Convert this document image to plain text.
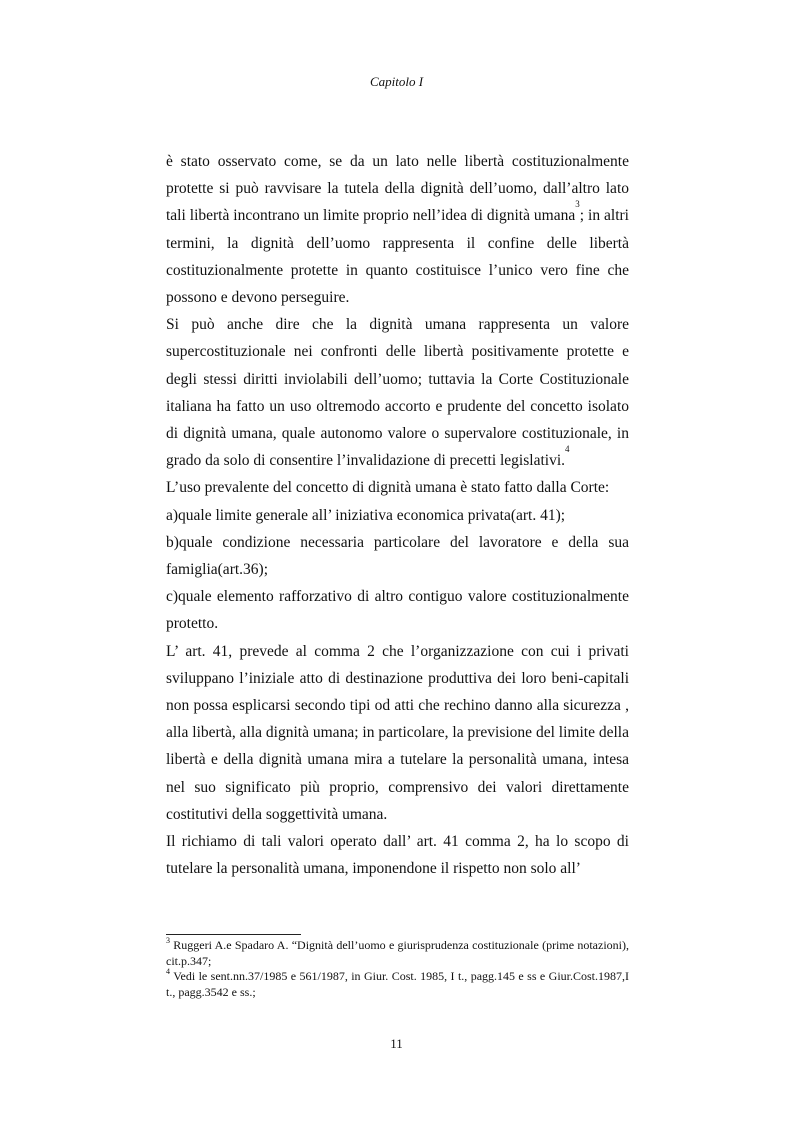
Capitolo I

è stato osservato come, se da un lato nelle libertà costituzionalmente protette si può ravvisare la tutela della dignità dell’uomo, dall’altro lato tali libertà incontrano un limite proprio nell’idea di dignità umana$^3$; in altri termini, la dignità dell’uomo rappresenta il confine delle libertà costituzionalmente protette in quanto costituisce l’unico vero fine che possono e devono perseguire.

Si può anche dire che la dignità umana rappresenta un valore supercostituzionale nei confronti delle libertà positivamente protette e degli stessi diritti inviolabili dell’uomo; tuttavia la Corte Costituzionale italiana ha fatto un uso oltremodo accorto e prudente del concetto isolato di dignità umana, quale autonomo valore o supervalore costituzionale, in grado da solo di consentire l’invalidazione di precetti legislativi.$^4$

L’uso prevalente del concetto di dignità umana è stato fatto dalla Corte:

a)quale limite generale all’ iniziativa economica privata(art. 41);

b)quale condizione necessaria particolare del lavoratore e della sua famiglia(art.36);

c)quale elemento rafforzativo di altro contiguo valore costituzionalmente protetto.

L’ art. 41, prevede al comma 2 che l’organizzazione con cui i privati sviluppano l’iniziale atto di destinazione produttiva dei loro beni-capitali non possa esplicarsi secondo tipi od atti che rechino danno alla sicurezza , alla libertà, alla dignità umana; in particolare, la previsione del limite della libertà e della dignità umana mira a tutelare la personalità umana, intesa nel suo significato più proprio, comprensivo dei valori direttamente costitutivi della soggettività umana.

Il richiamo di tali valori operato dall’ art. 41 comma 2, ha lo scopo di tutelare la personalità umana, imponendone il rispetto non solo all’

$^3$ Ruggeri A.e Spadaro A. “Dignità dell’uomo e giurisprudenza costituzionale (prime notazioni), cit.p.347;

$^4$ Vedi le sent.nn.37/1985 e 561/1987, in Giur. Cost. 1985, I t., pagg.145 e ss e Giur.Cost.1987,I t., pagg.3542 e ss.;

11
